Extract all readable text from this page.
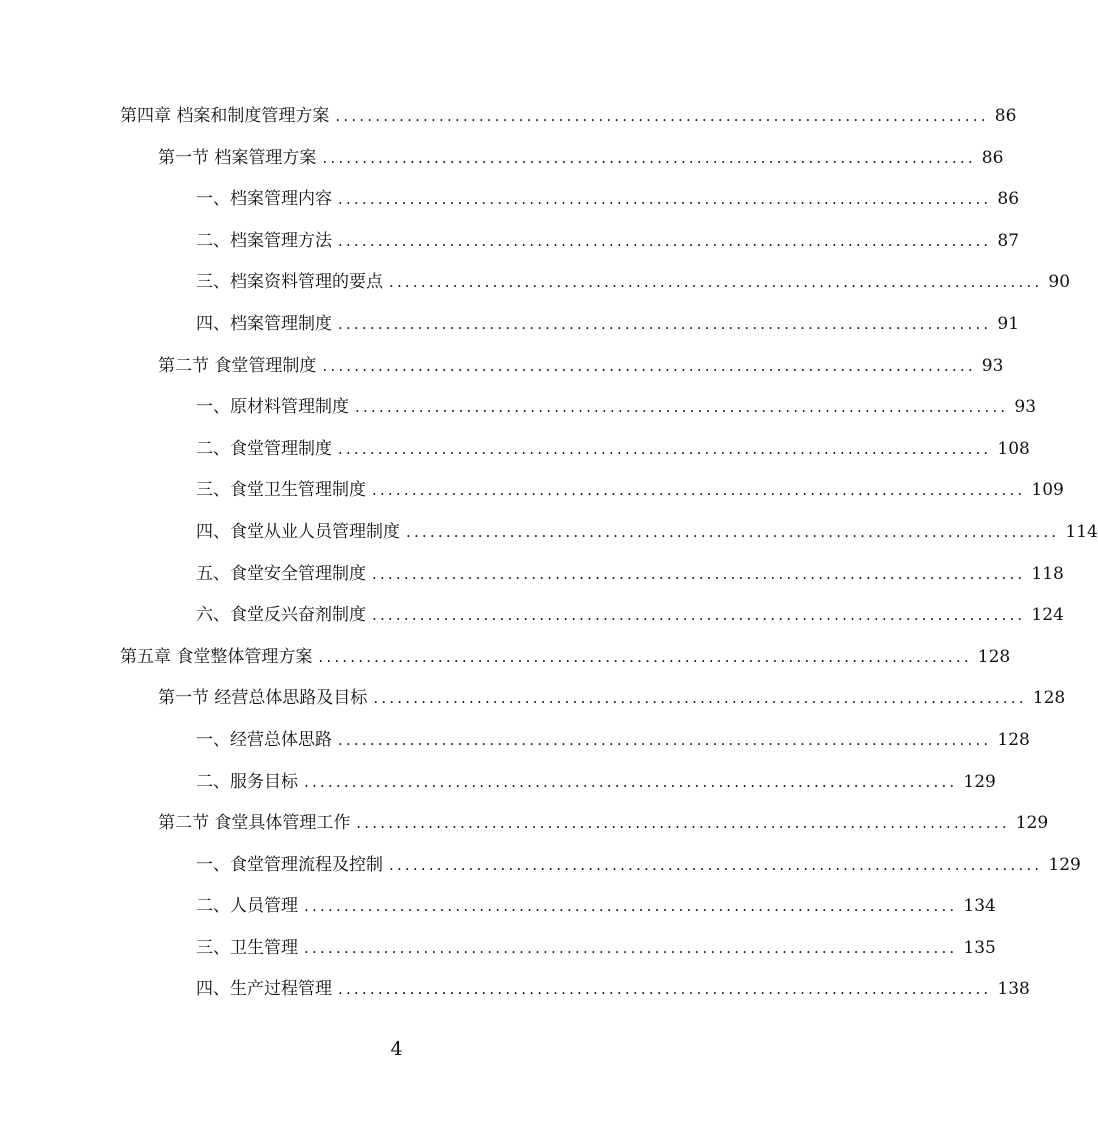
第四章 档案和制度管理方案 .................................................................................. 86
第一节 档案管理方案 .................................................................................. 86
一、档案管理内容 .................................................................................. 86
二、档案管理方法 .................................................................................. 87
三、档案资料管理的要点 .................................................................................. 90
四、档案管理制度 .................................................................................. 91
第二节 食堂管理制度 .................................................................................. 93
一、原材料管理制度 .................................................................................. 93
二、食堂管理制度 .................................................................................. 108
三、食堂卫生管理制度 .................................................................................. 109
四、食堂从业人员管理制度 .................................................................................. 114
五、食堂安全管理制度 .................................................................................. 118
六、食堂反兴奋剂制度 .................................................................................. 124
第五章 食堂整体管理方案 .................................................................................. 128
第一节 经营总体思路及目标 .................................................................................. 128
一、经营总体思路 .................................................................................. 128
二、服务目标 .................................................................................. 129
第二节 食堂具体管理工作 .................................................................................. 129
一、食堂管理流程及控制 .................................................................................. 129
二、人员管理 .................................................................................. 134
三、卫生管理 .................................................................................. 135
四、生产过程管理 .................................................................................. 138
4
